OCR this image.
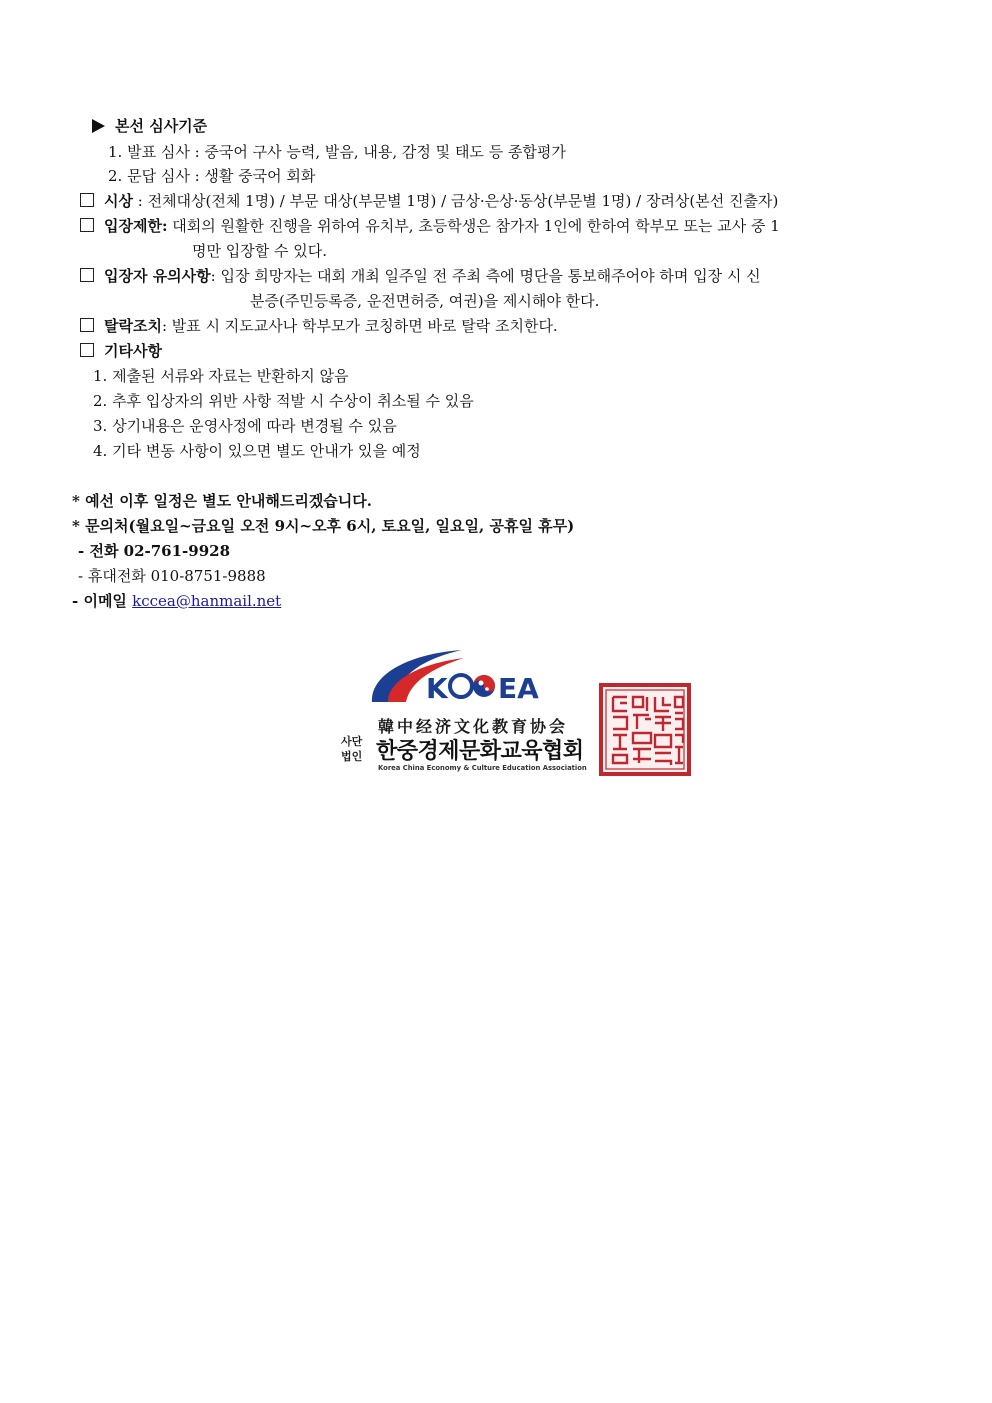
본선 심사기준
1. 발표 심사 : 중국어 구사 능력, 발음, 내용, 감정 및 태도 등 종합평가
2. 문답 심사 : 생활 중국어 회화
시상 : 전체대상(전체 1명) / 부문 대상(부문별 1명) / 금상·은상·동상(부문별 1명) / 장려상(본선 진출자)
입장제한: 대회의 원활한 진행을 위하여 유치부, 초등학생은 참가자 1인에 한하여 학부모 또는 교사 중 1
명만 입장할 수 있다.
입장자 유의사항: 입장 희망자는 대회 개최 일주일 전 주최 측에 명단을 통보해주어야 하며 입장 시 신
분증(주민등록증, 운전면허증, 여권)을 제시해야 한다.
탈락조치: 발표 시 지도교사나 학부모가 코칭하면 바로 탈락 조치한다.
기타사항
1. 제출된 서류와 자료는 반환하지 않음
2. 추후 입상자의 위반 사항 적발 시 수상이 취소될 수 있음
3. 상기내용은 운영사정에 따라 변경될 수 있음
4. 기타 변동 사항이 있으면 별도 안내가 있을 예정
* 예선 이후 일정은 별도 안내해드리겠습니다.
* 문의처(월요일~금요일 오전 9시~오후 6시, 토요일, 일요일, 공휴일 휴무)
- 전화 02-761-9928
- 휴대전화 010-8751-9888
- 이메일 kccea@hanmail.net
K EA
韓中经济文化教育协会
사단
법인 한중경제문화교육협회
Korea China Economy & Culture Education Association
